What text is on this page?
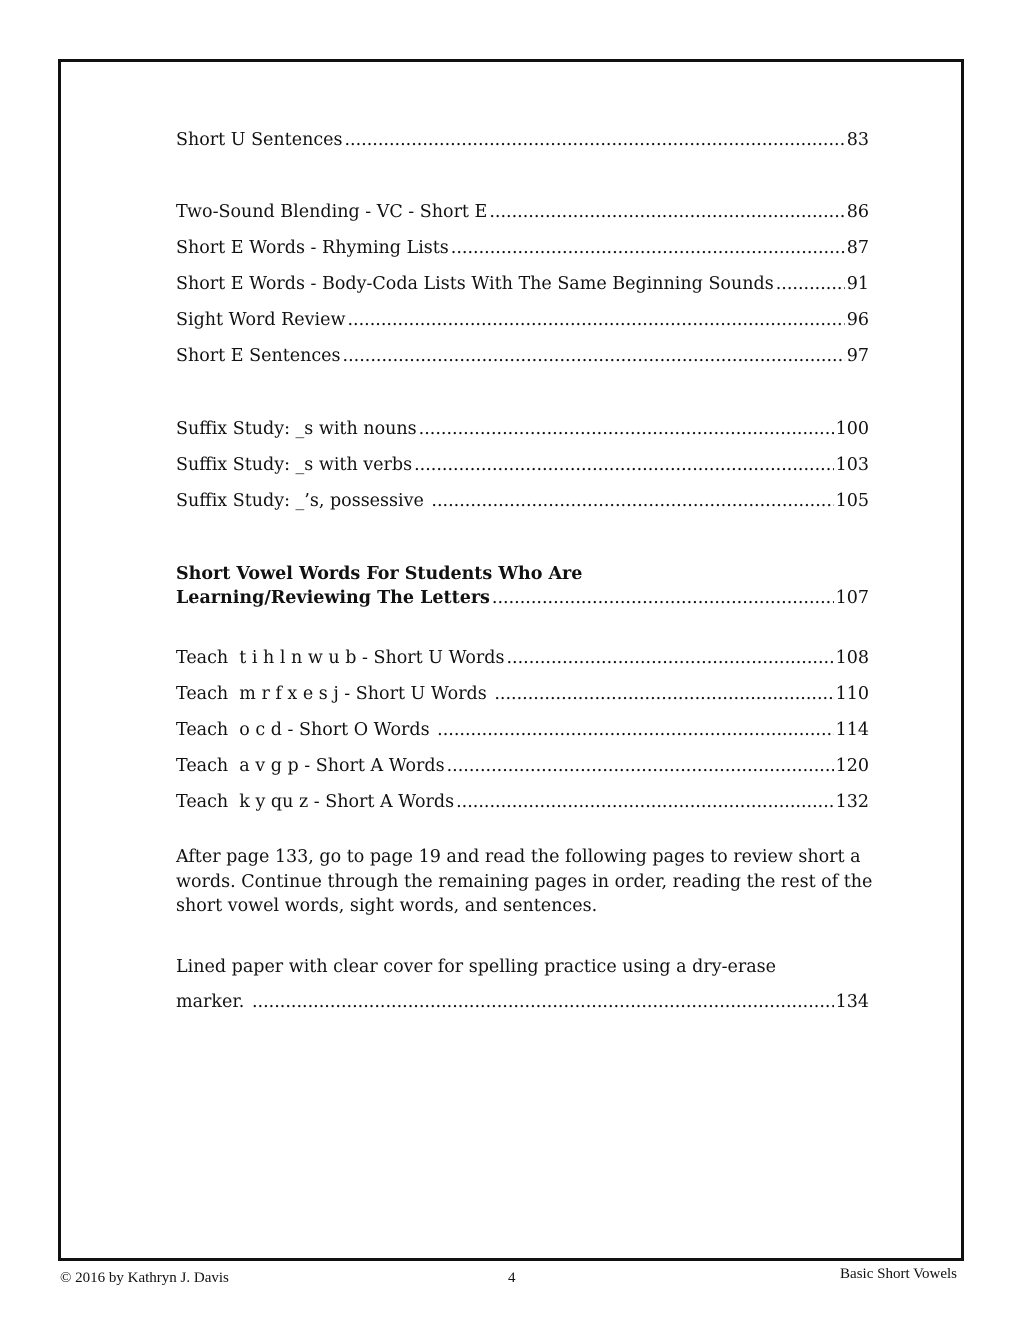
Short U Sentences .....	83
Two-Sound Blending - VC - Short E .....	86
Short E Words - Rhyming Lists .....	87
Short E Words - Body-Coda Lists With The Same Beginning Sounds .....	91
Sight Word Review .....	96
Short E Sentences .....	97
Suffix Study: _s with nouns .....	100
Suffix Study: _s with verbs .....	103
Suffix Study: _’s, possessive .....	105
Short Vowel Words For Students Who Are
Learning/Reviewing The Letters .....	107
Teach  t i h l n w u b - Short U Words .....	108
Teach  m r f x e s j - Short U Words .....	110
Teach  o c d - Short O Words .....	114
Teach  a v g p - Short A Words .....	120
Teach  k y qu z - Short A Words .....	132
After page 133, go to page 19 and read the following pages to review short a words. Continue through the remaining pages in order, reading the rest of the short vowel words, sight words, and sentences.
Lined paper with clear cover for spelling practice using a dry-erase
marker. .....	134
© 2016 by Kathryn J. Davis	4	Basic Short Vowels
